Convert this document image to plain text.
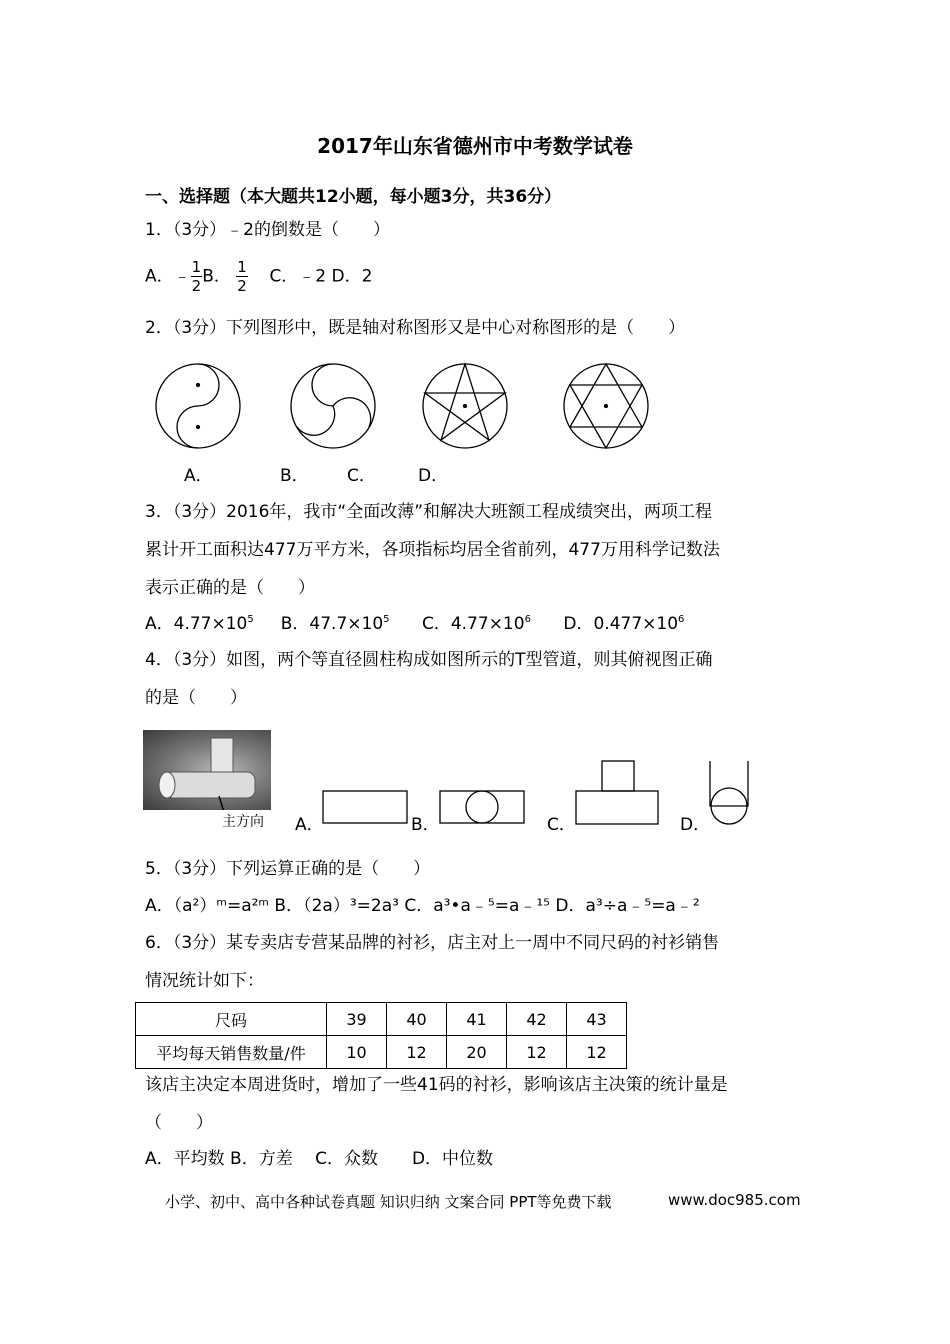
2017年山东省德州市中考数学试卷
一、选择题（本大题共12小题，每小题3分，共36分）
1．（3分）﹣2的倒数是（　　）
A．﹣ $\frac{1}{2}$ B． $\frac{1}{2}$ C．﹣2 D．2
2．（3分）下列图形中，既是轴对称图形又是中心对称图形的是（　　）
A．	B． C． D．
3．（3分）2016年，我市“全面改薄”和解决大班额工程成绩突出，两项工程
累计开工面积达477万平方米，各项指标均居全省前列，477万用科学记数法
表示正确的是（　　）
A．$4.77\times 10^5$ B．$47.7\times 10^5$ C．$4.77\times 10^6$ D．$0.477\times 10^6$
4．（3分）如图，两个等直径圆柱构成如图所示的T型管道，则其俯视图正确
的是（　　）
主方向 A．	B．	C．	D．
5．（3分）下列运算正确的是（　　）
A．（a²）ᵐ=a²ᵐ B．（2a）³=2a³ C．a³•a﹣⁵=a﹣¹⁵ D．a³÷a﹣⁵=a﹣²
6．（3分）某专卖店专营某品牌的衬衫，店主对上一周中不同尺码的衬衫销售
情况统计如下：
尺码	39	40	41	42	43
平均每天销售数量/件	10	12	20	12	12
该店主决定本周进货时，增加了一些41码的衬衫，影响该店主决策的统计量是
（　　）
A．平均数 B．方差　 C．众数　　D．中位数
小学、初中、高中各种试卷真题 知识归纳 文案合同 PPT等免费下载	www.doc985.com
